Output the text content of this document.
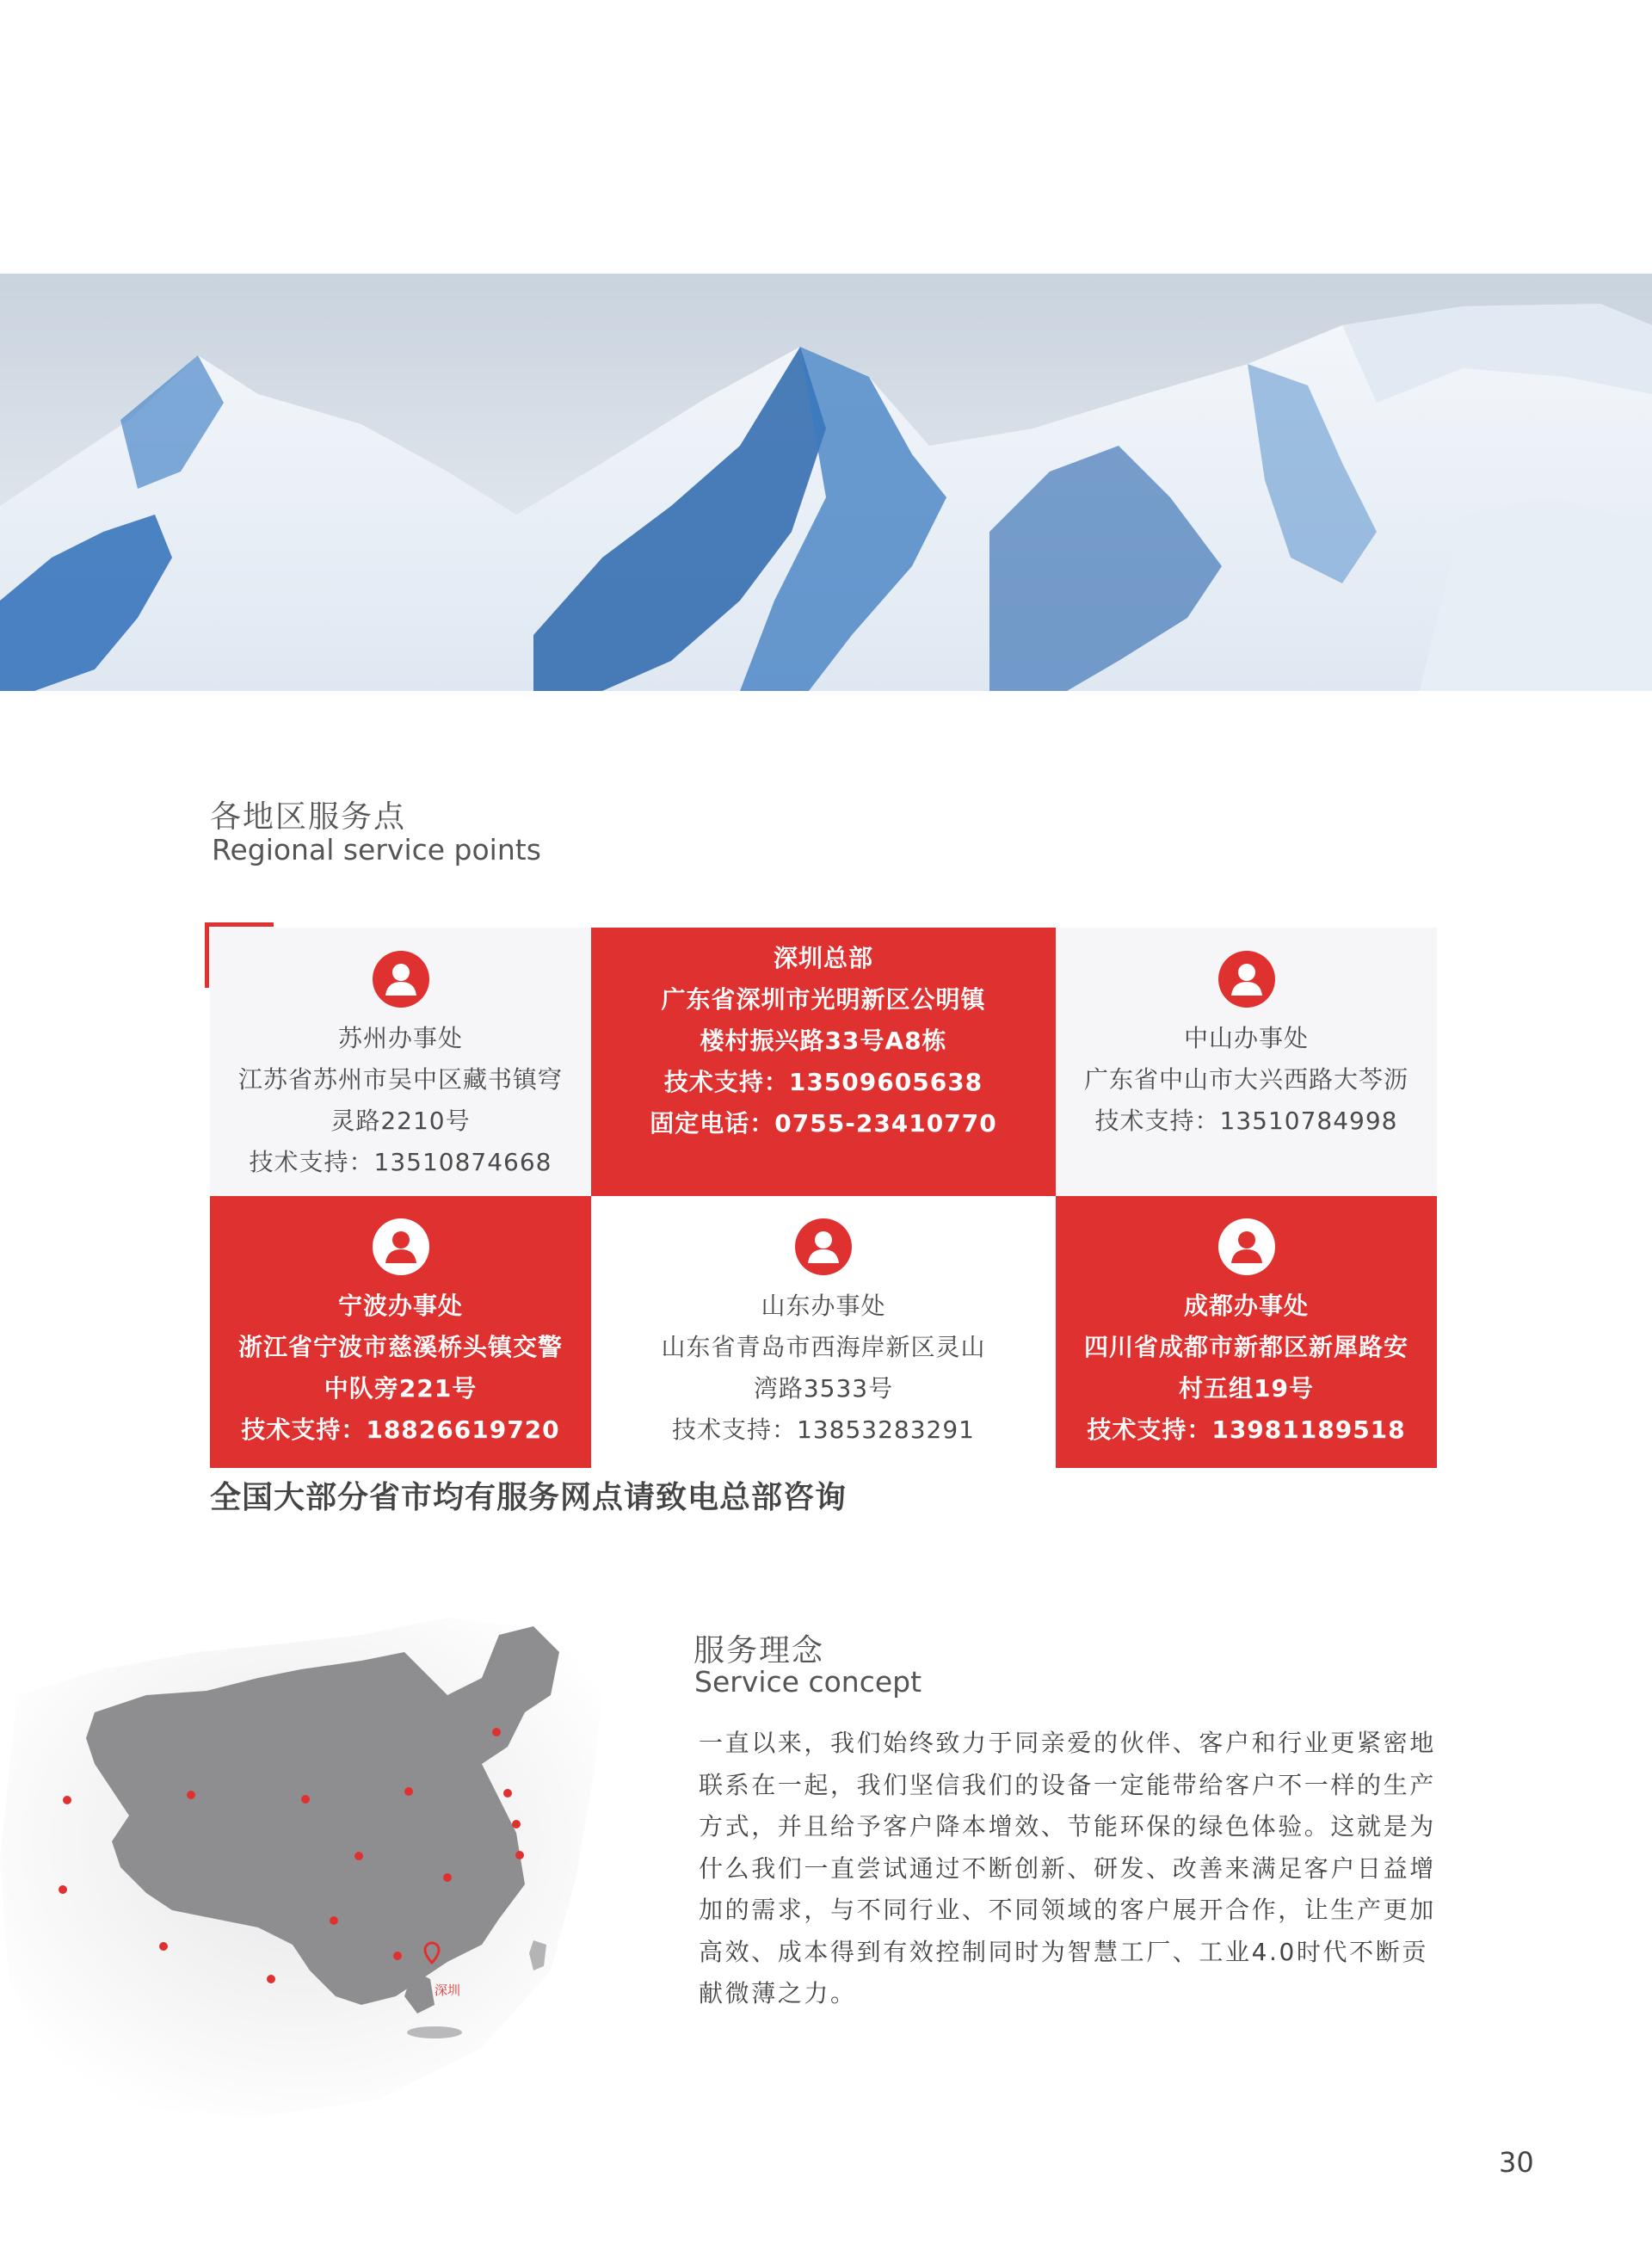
各地区服务点
Regional service points
苏州办事处
江苏省苏州市吴中区藏书镇穹
灵路2210号
技术支持：13510874668
深圳总部
广东省深圳市光明新区公明镇
楼村振兴路33号A8栋
技术支持：13509605638
固定电话：0755-23410770
中山办事处
广东省中山市大兴西路大芩沥
技术支持：13510784998
宁波办事处
浙江省宁波市慈溪桥头镇交警
中队旁221号
技术支持：18826619720
山东办事处
山东省青岛市西海岸新区灵山
湾路3533号
技术支持：13853283291
成都办事处
四川省成都市新都区新犀路安
村五组19号
技术支持：13981189518
全国大部分省市均有服务网点请致电总部咨询
深圳
服务理念
Service concept
一直以来，我们始终致力于同亲爱的伙伴、客户和行业更紧密地
联系在一起，我们坚信我们的设备一定能带给客户不一样的生产
方式，并且给予客户降本增效、节能环保的绿色体验。这就是为
什么我们一直尝试通过不断创新、研发、改善来满足客户日益增
加的需求，与不同行业、不同领域的客户展开合作，让生产更加
高效、成本得到有效控制同时为智慧工厂、工业4.0时代不断贡
献微薄之力。
30
